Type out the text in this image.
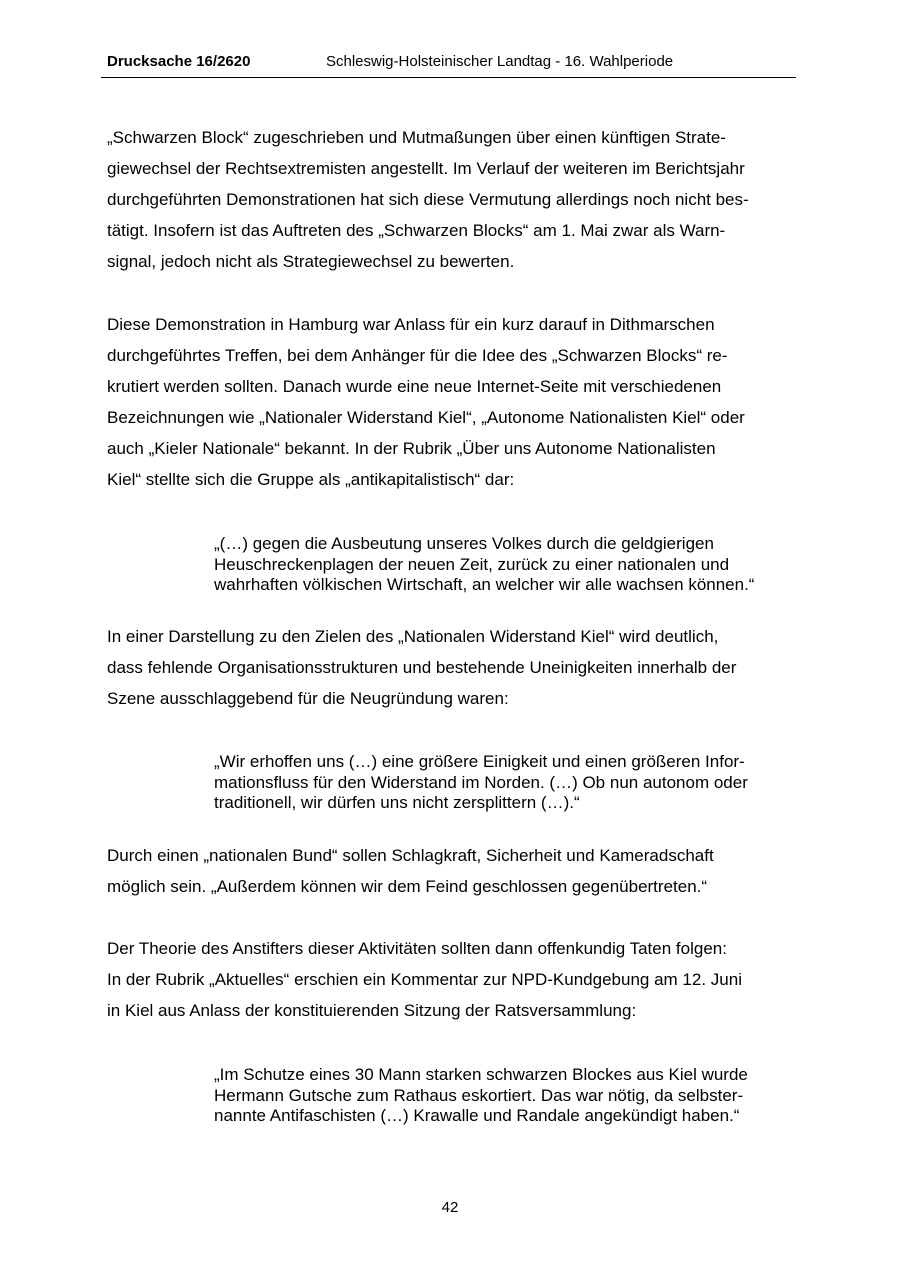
Drucksache 16/2620	Schleswig-Holsteinischer Landtag - 16. Wahlperiode

„Schwarzen Block“ zugeschrieben und Mutmaßungen über einen künftigen Strate-
giewechsel der Rechtsextremisten angestellt. Im Verlauf der weiteren im Berichtsjahr
durchgeführten Demonstrationen hat sich diese Vermutung allerdings noch nicht bes-
tätigt. Insofern ist das Auftreten des „Schwarzen Blocks“ am 1. Mai zwar als Warn-
signal, jedoch nicht als Strategiewechsel zu bewerten.

Diese Demonstration in Hamburg war Anlass für ein kurz darauf in Dithmarschen
durchgeführtes Treffen, bei dem Anhänger für die Idee des „Schwarzen Blocks“ re-
krutiert werden sollten. Danach wurde eine neue Internet-Seite mit verschiedenen
Bezeichnungen wie „Nationaler Widerstand Kiel“, „Autonome Nationalisten Kiel“ oder
auch „Kieler Nationale“ bekannt. In der Rubrik „Über uns Autonome Nationalisten
Kiel“ stellte sich die Gruppe als „antikapitalistisch“ dar:

„(…) gegen die Ausbeutung unseres Volkes durch die geldgierigen
Heuschreckenplagen der neuen Zeit, zurück zu einer nationalen und
wahrhaften völkischen Wirtschaft, an welcher wir alle wachsen können.“

In einer Darstellung zu den Zielen des „Nationalen Widerstand Kiel“ wird deutlich,
dass fehlende Organisationsstrukturen und bestehende Uneinigkeiten innerhalb der
Szene ausschlaggebend für die Neugründung waren:

„Wir erhoffen uns (…) eine größere Einigkeit und einen größeren Infor-
mationsfluss für den Widerstand im Norden. (…) Ob nun autonom oder
traditionell, wir dürfen uns nicht zersplittern (…).“

Durch einen „nationalen Bund“ sollen Schlagkraft, Sicherheit und Kameradschaft
möglich sein. „Außerdem können wir dem Feind geschlossen gegenübertreten.“

Der Theorie des Anstifters dieser Aktivitäten sollten dann offenkundig Taten folgen:
In der Rubrik „Aktuelles“ erschien ein Kommentar zur NPD-Kundgebung am 12. Juni
in Kiel aus Anlass der konstituierenden Sitzung der Ratsversammlung:

„Im Schutze eines 30 Mann starken schwarzen Blockes aus Kiel wurde
Hermann Gutsche zum Rathaus eskortiert. Das war nötig, da selbster-
nannte Antifaschisten (…) Krawalle und Randale angekündigt haben.“

42
